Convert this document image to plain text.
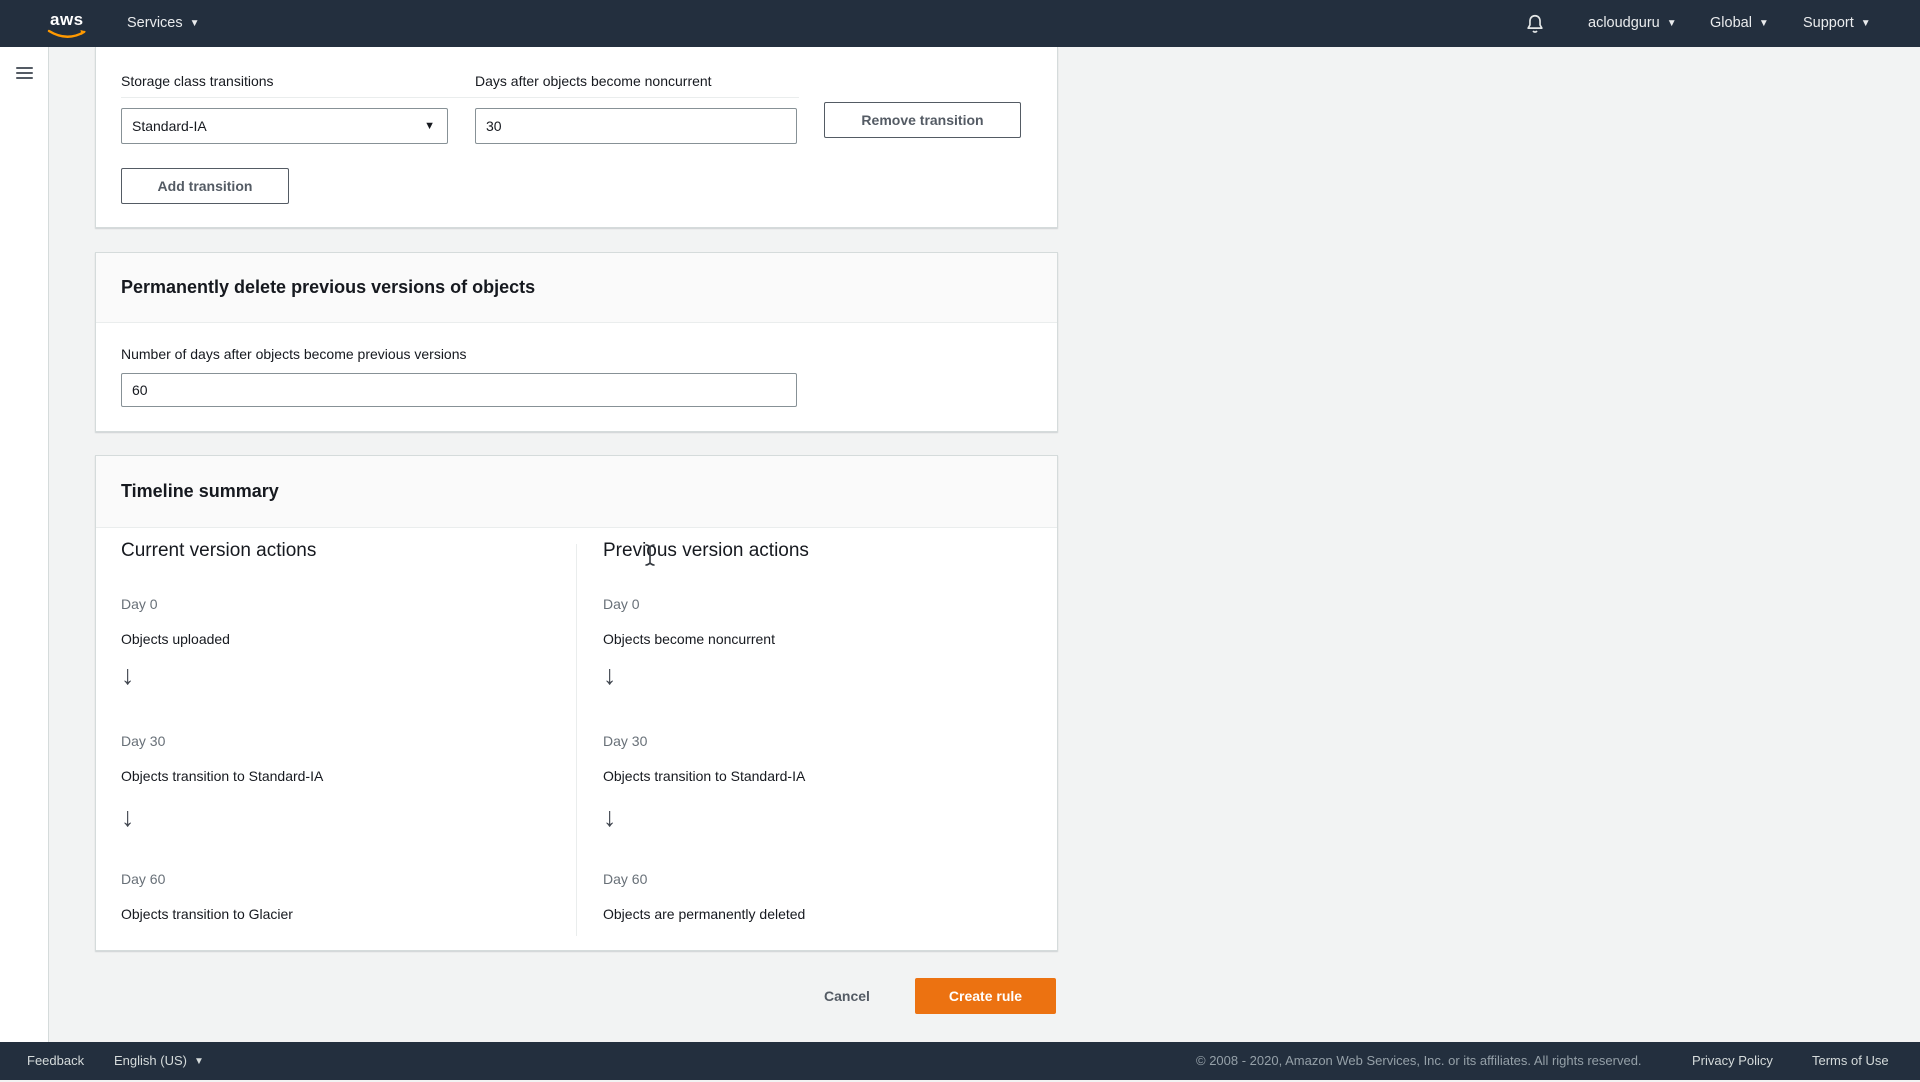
aws	Services ▼	acloudguru ▼ Global ▼ Support ▼
Storage class transitions	Days after objects become noncurrent
Standard-IA	▼
30	Remove transition
Add transition
Permanently delete previous versions of objects
Number of days after objects become previous versions
60
Timeline summary
Current version actions
Day 0
Objects uploaded
↓
Day 30
Objects transition to Standard-IA
↓
Day 60
Objects transition to Glacier
Previous version actions
Day 0
Objects become noncurrent
↓
Day 30
Objects transition to Standard-IA
↓
Day 60
Objects are permanently deleted
Cancel	Create rule
Feedback English (US) ▼	© 2008 - 2020, Amazon Web Services, Inc. or its affiliates. All rights reserved.	Privacy Policy	Terms of Use
